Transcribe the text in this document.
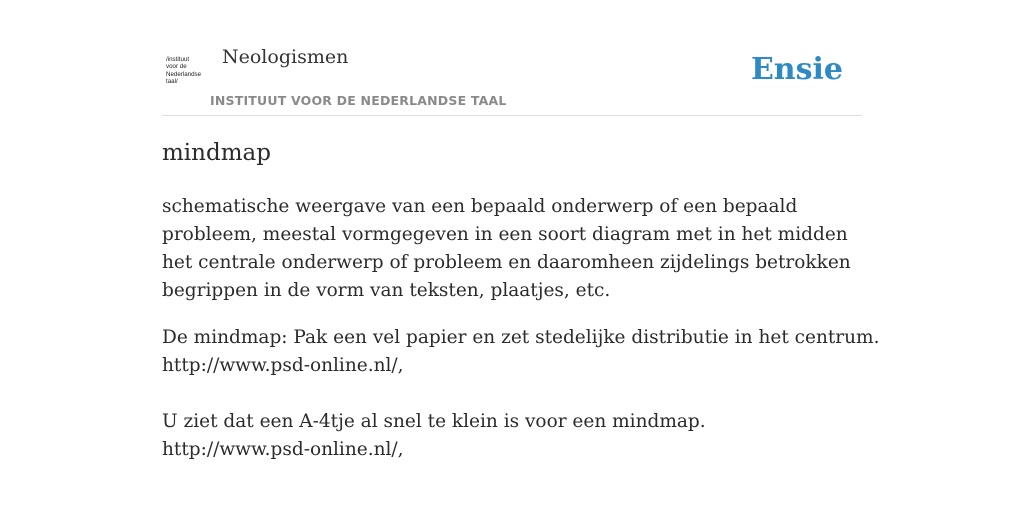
/instituut
voor de
Nederlandse
taal/
Neologismen
INSTITUUT VOOR DE NEDERLANDSE TAAL
Ensie
mindmap

schematische weergave van een bepaald onderwerp of een bepaald probleem, meestal vormgegeven in een soort diagram met in het midden het centrale onderwerp of probleem en daaromheen zijdelings betrokken begrippen in de vorm van teksten, plaatjes, etc.

De mindmap: Pak een vel papier en zet stedelijke distributie in het centrum.
http://www.psd-online.nl/,
U ziet dat een A-4tje al snel te klein is voor een mindmap.
http://www.psd-online.nl/,
